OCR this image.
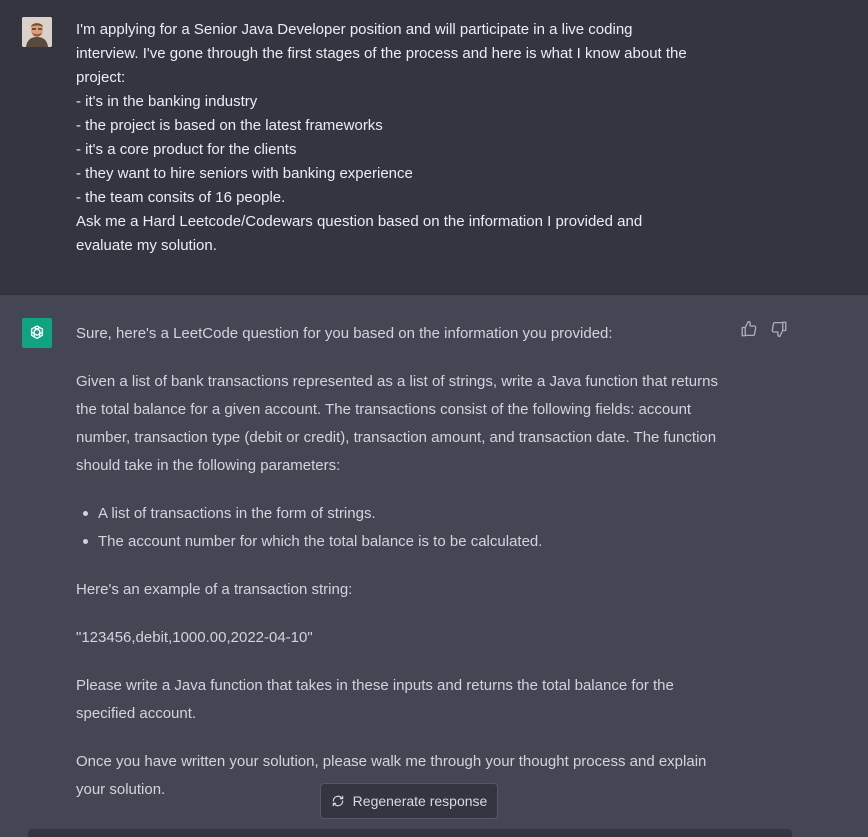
I'm applying for a Senior Java Developer position and will participate in a live coding
interview. I've gone through the first stages of the process and here is what I know about the
project:
- it's in the banking industry
- the project is based on the latest frameworks
- it's a core product for the clients
- they want to hire seniors with banking experience
- the team consits of 16 people.
Ask me a Hard Leetcode/Codewars question based on the information I provided and
evaluate my solution.

Sure, here's a LeetCode question for you based on the information you provided:

Given a list of bank transactions represented as a list of strings, write a Java function that returns the total balance for a given account. The transactions consist of the following fields: account number, transaction type (debit or credit), transaction amount, and transaction date. The function should take in the following parameters:

A list of transactions in the form of strings.
The account number for which the total balance is to be calculated.

Here's an example of a transaction string:

"123456,debit,1000.00,2022-04-10"

Please write a Java function that takes in these inputs and returns the total balance for the specified account.

Once you have written your solution, please walk me through your thought process and explain your solution.

Regenerate response
